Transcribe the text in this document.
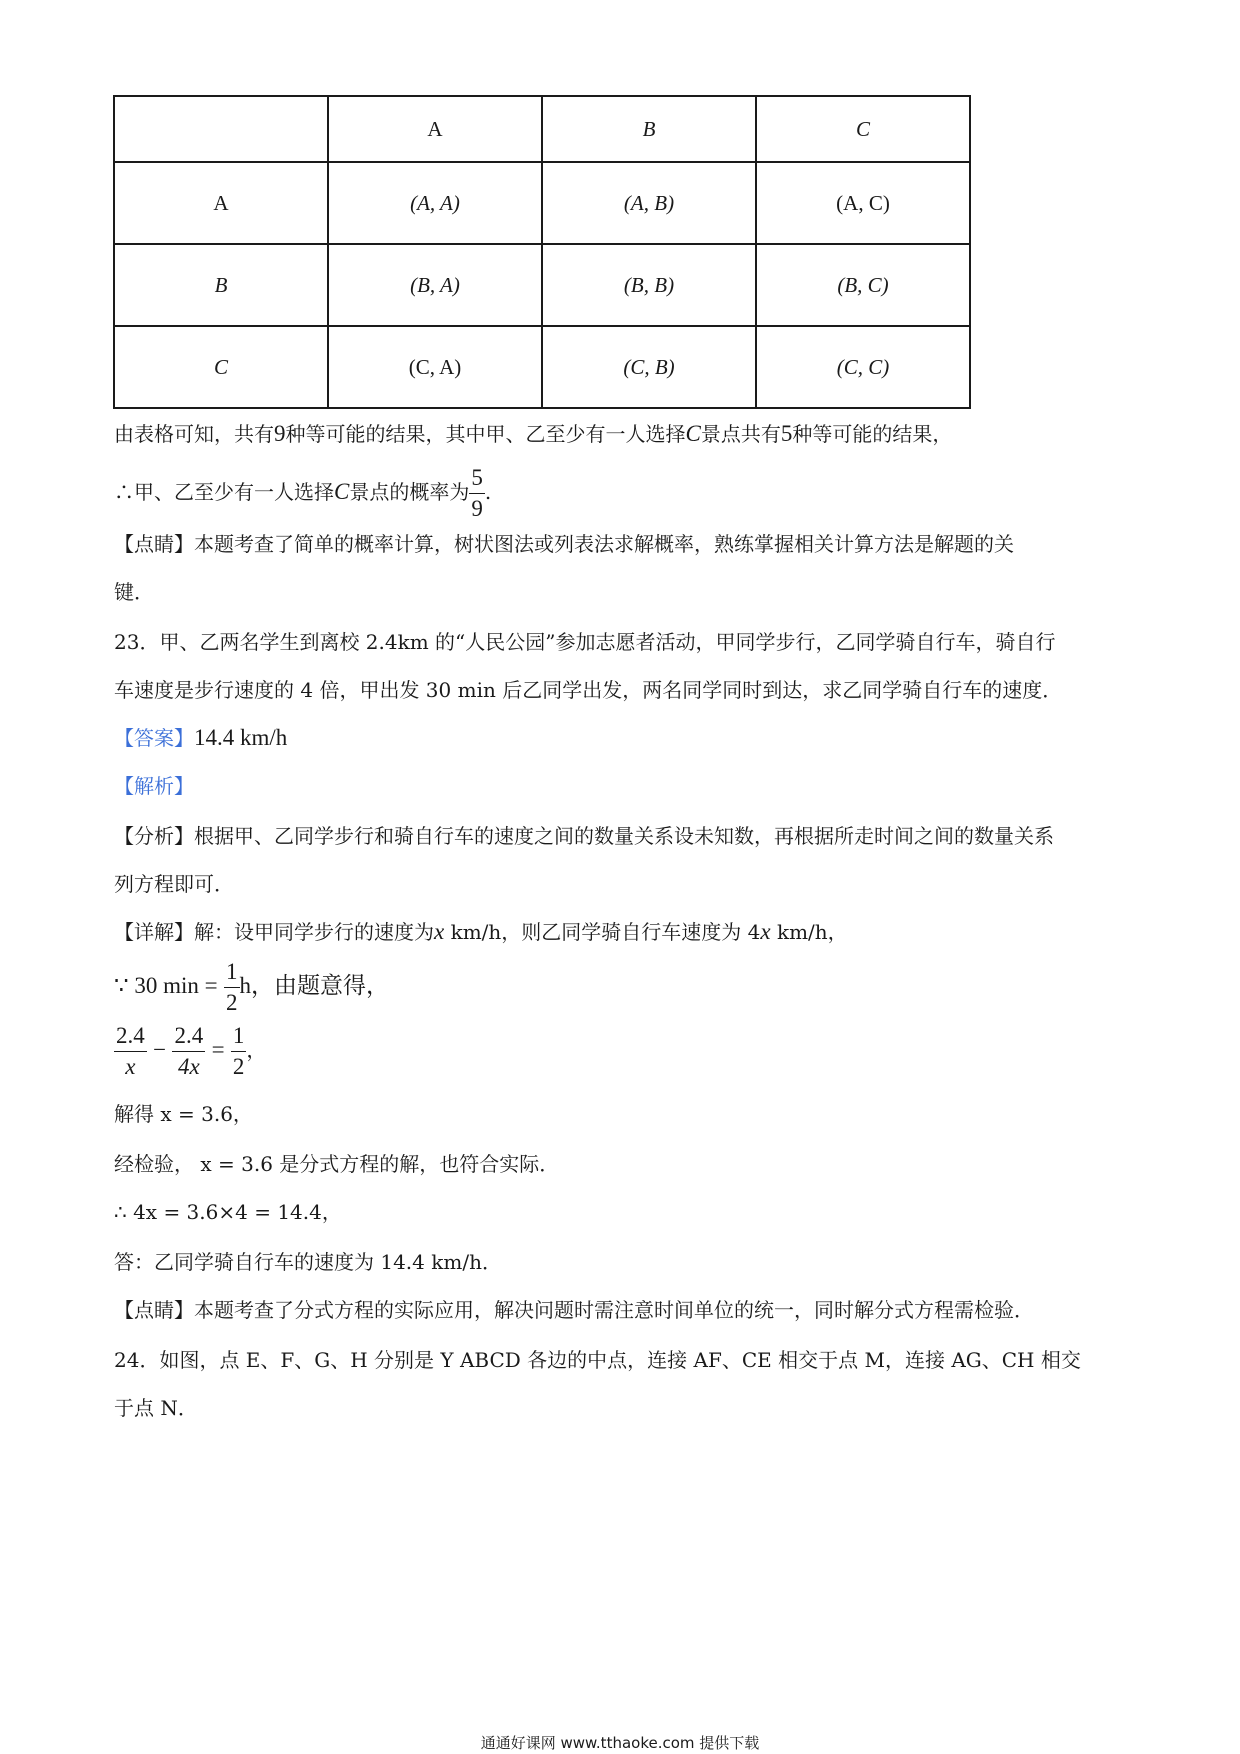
	A	B	C
A	(A, A)	(A, B)	(A, C)
B	(B, A)	(B, B)	(B, C)
C	(C, A)	(C, B)	(C, C)
由表格可知，共有9种等可能的结果，其中甲、乙至少有一人选择C景点共有5种等可能的结果，
∴甲、乙至少有一人选择C景点的概率为 $\frac{5}{9}$ .
【点睛】本题考查了简单的概率计算，树状图法或列表法求解概率，熟练掌握相关计算方法是解题的关
键．
23．甲、乙两名学生到离校 2.4km 的“人民公园”参加志愿者活动，甲同学步行，乙同学骑自行车，骑自行
车速度是步行速度的 4 倍，甲出发 30 min 后乙同学出发，两名同学同时到达，求乙同学骑自行车的速度．
【答案】14.4 km/h
【解析】
【分析】根据甲、乙同学步行和骑自行车的速度之间的数量关系设未知数，再根据所走时间之间的数量关系
列方程即可．
【详解】解：设甲同学步行的速度为x km/h，则乙同学骑自行车速度为 4x km/h，
∵ 30 $\min = \frac{1}{2}$ h，由题意得，
$\frac{2.4}{x} - \frac{2.4}{4x} = \frac{1}{2}$ ，
解得 x = 3.6，
经检验， x = 3.6 是分式方程的解，也符合实际．
∴ 4x = 3.6×4 = 14.4，
答：乙同学骑自行车的速度为 14.4 km/h．
【点睛】本题考查了分式方程的实际应用，解决问题时需注意时间单位的统一，同时解分式方程需检验．
24．如图，点 E、F、G、H 分别是 Y ABCD 各边的中点，连接 AF、CE 相交于点 M，连接 AG、CH 相交
于点 N．
通通好课网 www.tthaoke.com 提供下载
